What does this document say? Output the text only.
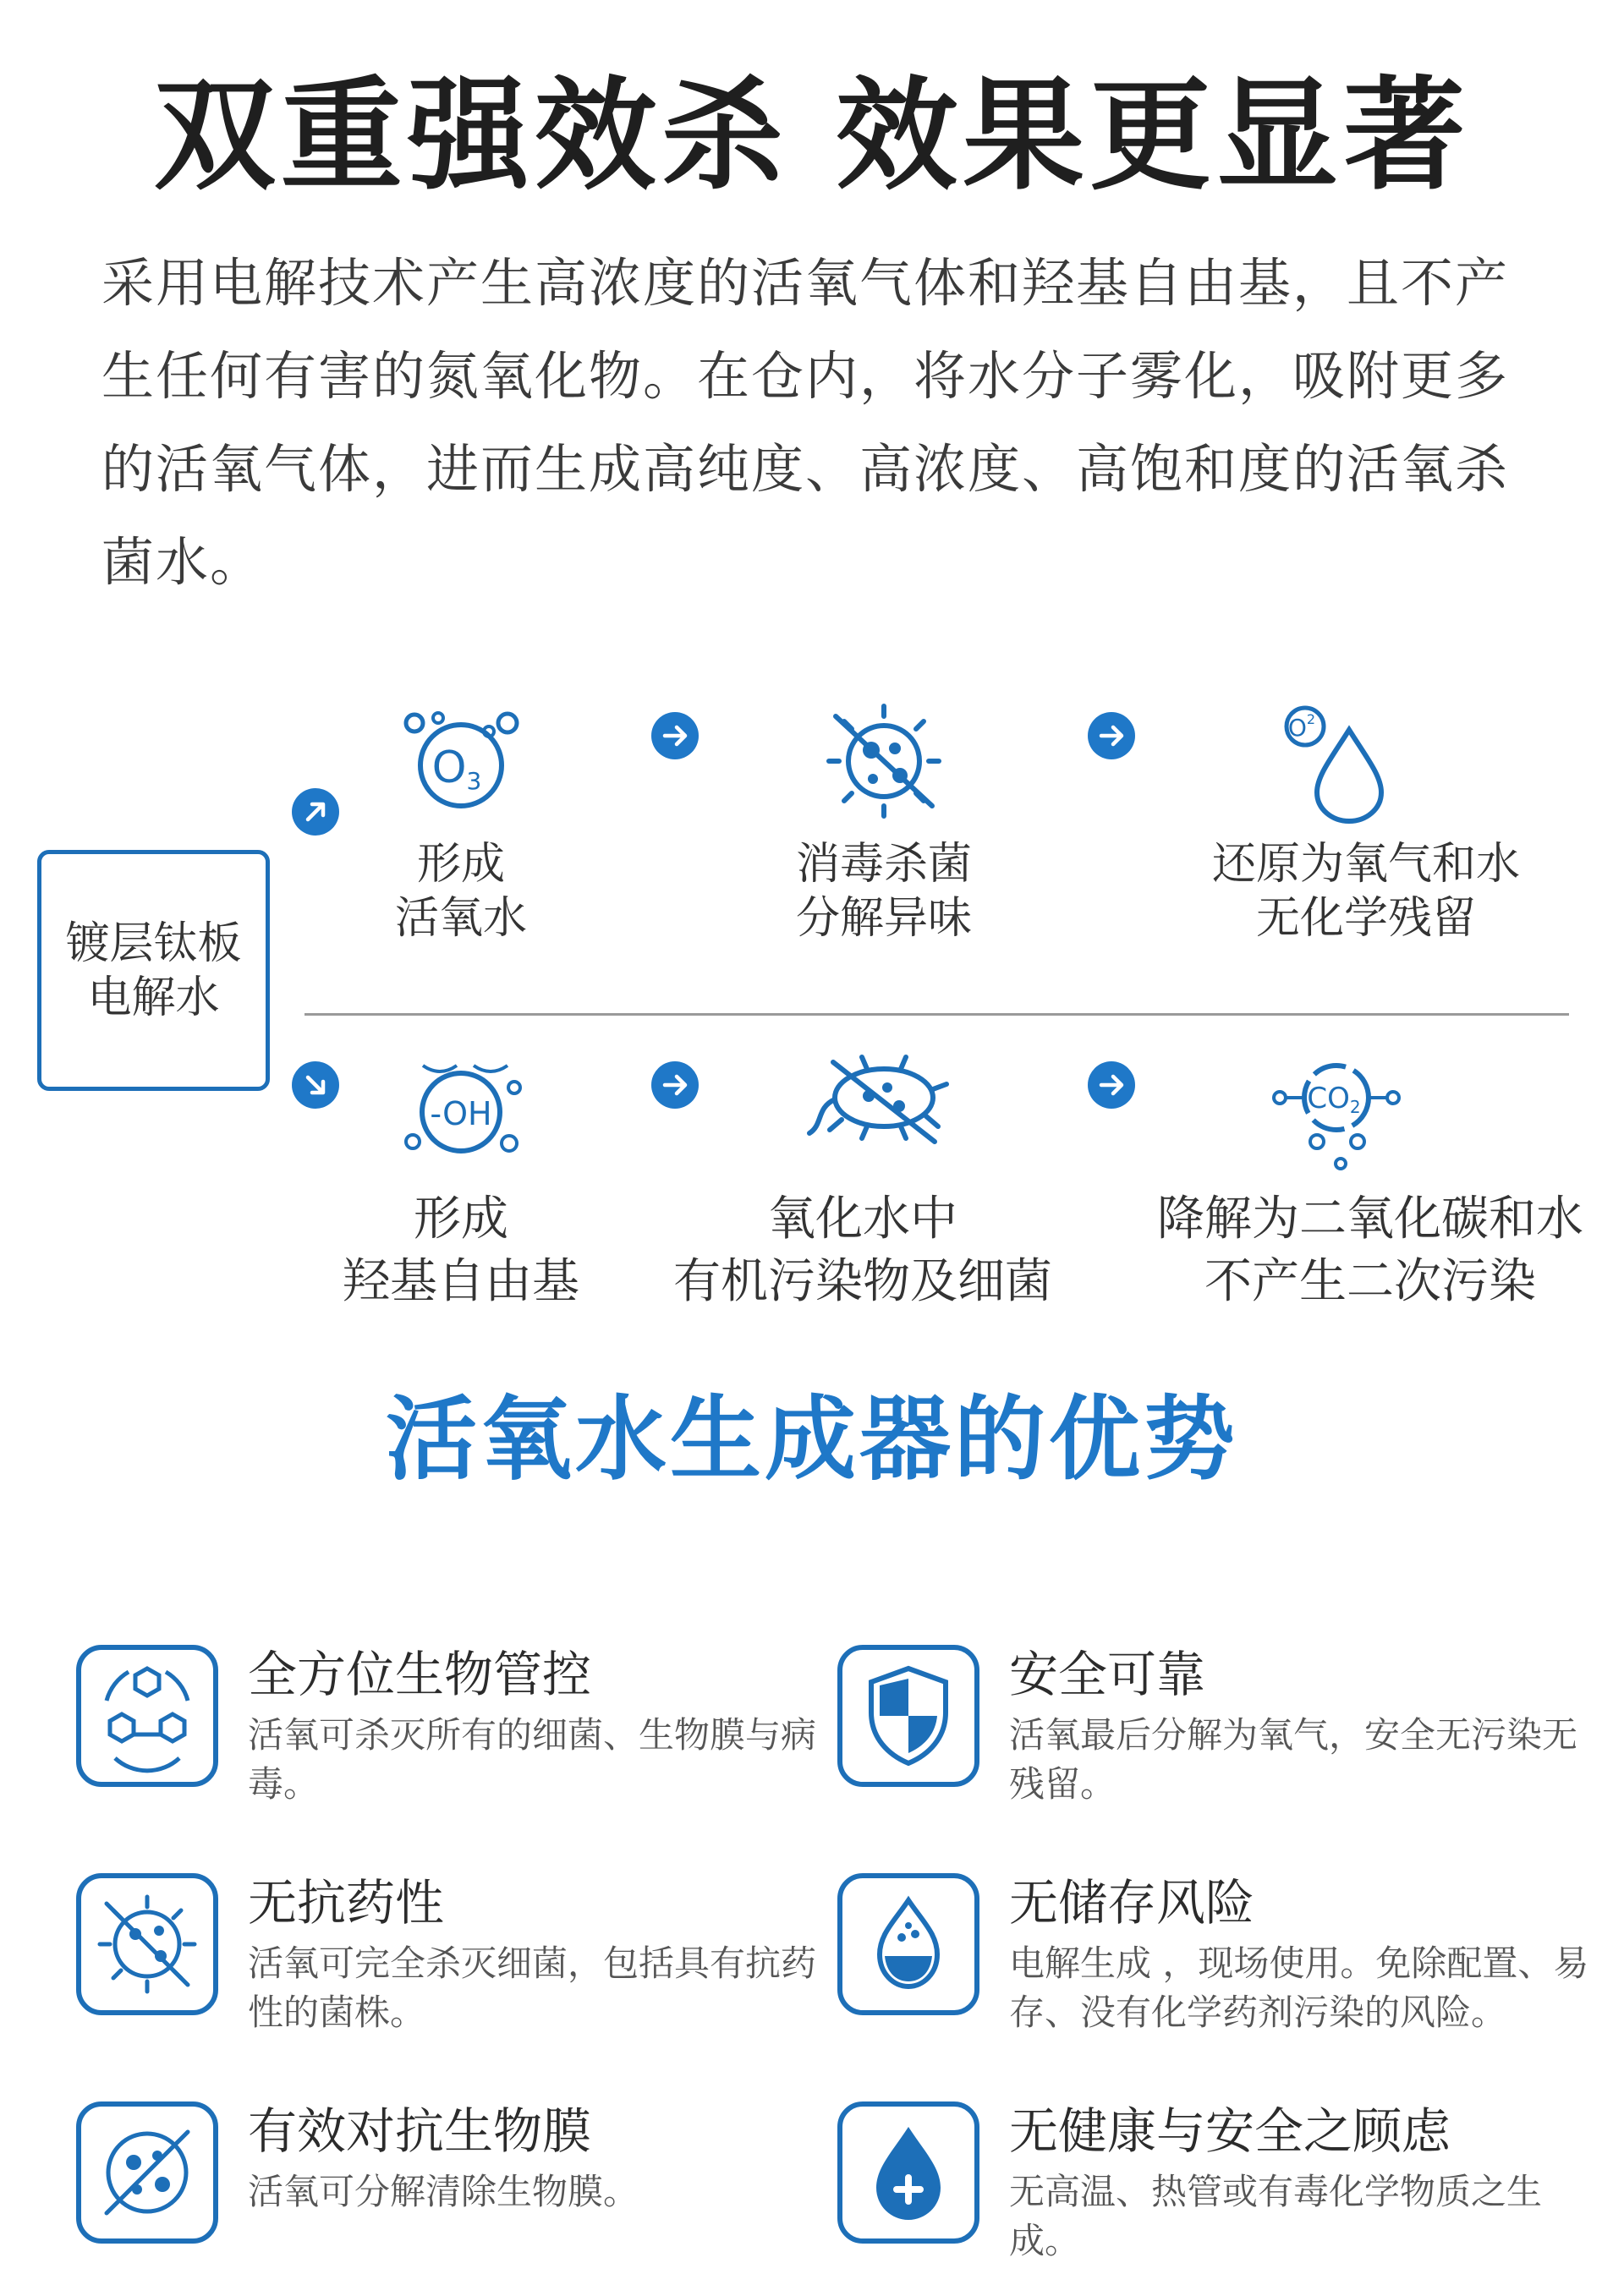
双重强效杀 效果更显著

采用电解技术产生高浓度的活氧气体和羟基自由基，且不产生任何有害的氮氧化物。在仓内，将水分子雾化，吸附更多的活氧气体，进而生成高纯度、高浓度、高饱和度的活氧杀菌水。

镀层钛板
电解水
O3
$O^2$
形成
活氧水
消毒杀菌
分解异味
还原为氧气和水
无化学残留
-OH	CO2
形成
羟基自由基
氧化水中
有机污染物及细菌
降解为二氧化碳和水
不产生二次污染
活氧水生成器的优势
全方位生物管控
活氧可杀灭所有的细菌、生物膜与病毒。
安全可靠
活氧最后分解为氧气，安全无污染无残留。
无抗药性
活氧可完全杀灭细菌，包括具有抗药性的菌株。
无储存风险
电解生成 ，现场使用。免除配置、易存、没有化学药剂污染的风险。
有效对抗生物膜
活氧可分解清除生物膜。
无健康与安全之顾虑
无高温、热管或有毒化学物质之生成。
